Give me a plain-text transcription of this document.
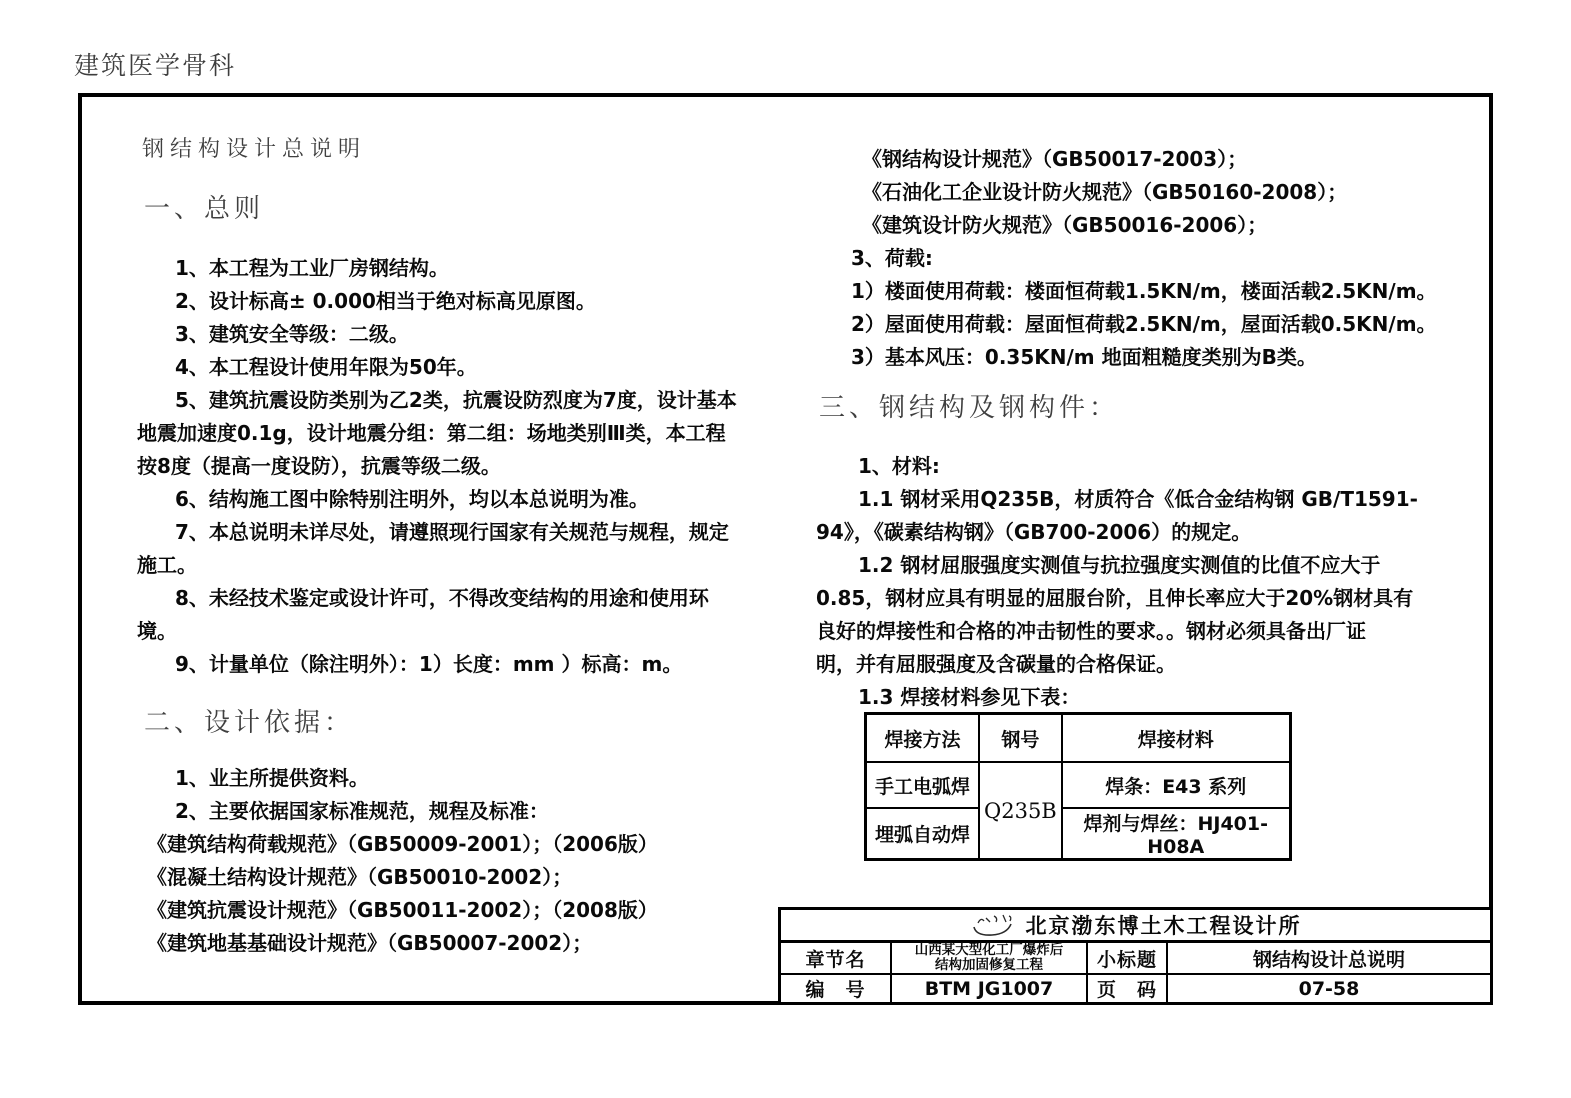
建筑医学骨科
钢结构设计总说明
一、总则
1、本工程为工业厂房钢结构。
2、设计标高± 0.000相当于绝对标高见原图。
3、建筑安全等级：二级。
4、本工程设计使用年限为50年。
5、建筑抗震设防类别为乙2类，抗震设防烈度为7度，设计基本
地震加速度0.1g，设计地震分组：第二组：场地类别Ⅲ类，本工程
按8度（提高一度设防），抗震等级二级。
6、结构施工图中除特别注明外，均以本总说明为准。
7、本总说明未详尽处，请遵照现行国家有关规范与规程，规定
施工。
8、未经技术鉴定或设计许可，不得改变结构的用途和使用环
境。
9、计量单位（除注明外）：1）长度：mm ）标高：m。
二、设计依据：
1、业主所提供资料。
2、主要依据国家标准规范，规程及标准：
《建筑结构荷载规范》（GB50009-2001）；（2006版）
《混凝土结构设计规范》（GB50010-2002）；
《建筑抗震设计规范》（GB50011-2002）；（2008版）
《建筑地基基础设计规范》（GB50007-2002）；
《钢结构设计规范》（GB50017-2003）；
《石油化工企业设计防火规范》（GB50160-2008）；
《建筑设计防火规范》（GB50016-2006）；
3、荷载:
1）楼面使用荷载：楼面恒荷载1.5KN/m，楼面活载2.5KN/m。
2）屋面使用荷载：屋面恒荷载2.5KN/m，屋面活载0.5KN/m。
3）基本风压：0.35KN/m 地面粗糙度类别为B类。
三、钢结构及钢构件：
1、材料:
1.1 钢材采用Q235B，材质符合《低合金结构钢 GB/T1591-
94》，《碳素结构钢》（GB700-2006）的规定。
1.2 钢材屈服强度实测值与抗拉强度实测值的比值不应大于
0.85，钢材应具有明显的屈服台阶，且伸长率应大于20%钢材具有
良好的焊接性和合格的冲击韧性的要求。。钢材必须具备出厂证
明，并有屈服强度及含碳量的合格保证。
1.3 焊接材料参见下表：
焊接方法	钢号	焊接材料
手工电弧焊	Q235B	焊条：E43 系列
埋弧自动焊		焊剂与焊丝：HJ401-H08A
北京渤东博土木工程设计所			

章节名	山西某大型化工厂爆炸后
结构加固修复工程	小标题	钢结构设计总说明
编　号	BTM JG1007	页　码	07-58
